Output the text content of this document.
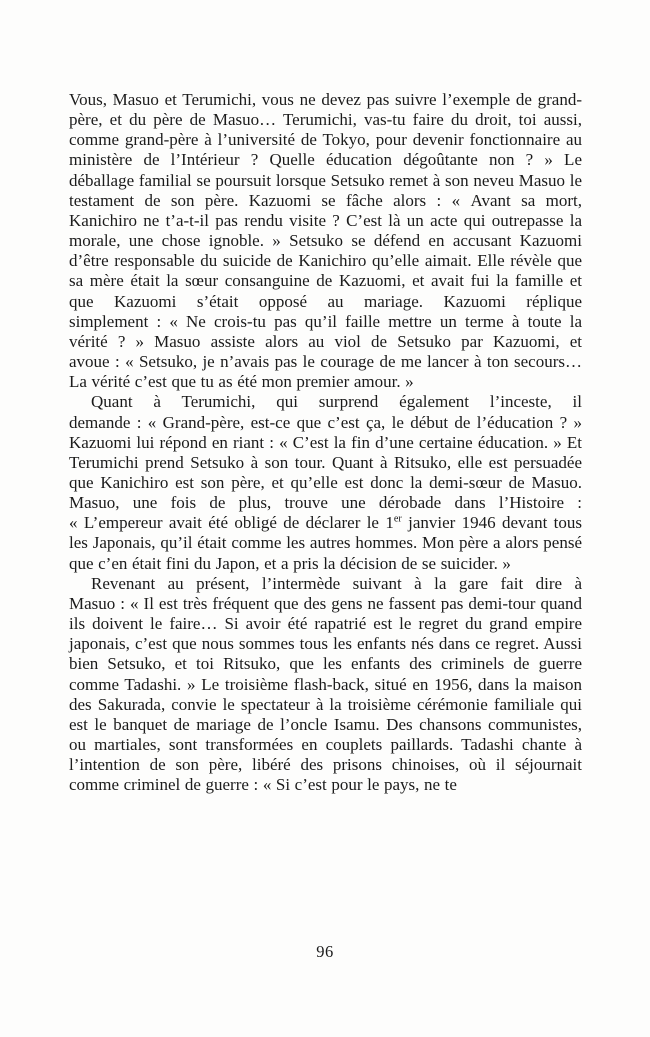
Vous, Masuo et Terumichi, vous ne devez pas suivre l’exemple de grand-père, et du père de Masuo… Terumichi, vas-tu faire du droit, toi aussi, comme grand-père à l’université de Tokyo, pour devenir fonctionnaire au ministère de l’Intérieur ? Quelle éducation dégoûtante non ? » Le déballage familial se poursuit lorsque Setsuko remet à son neveu Masuo le testament de son père. Kazuomi se fâche alors : « Avant sa mort, Kanichiro ne t’a-t-il pas rendu visite ? C’est là un acte qui outrepasse la morale, une chose ignoble. » Setsuko se défend en accusant Kazuomi d’être responsable du suicide de Kanichiro qu’elle aimait. Elle révèle que sa mère était la sœur consanguine de Kazuomi, et avait fui la famille et que Kazuomi s’était opposé au mariage. Kazuomi réplique simplement : « Ne crois-tu pas qu’il faille mettre un terme à toute la vérité ? » Masuo assiste alors au viol de Setsuko par Kazuomi, et avoue : « Setsuko, je n’avais pas le courage de me lancer à ton secours… La vérité c’est que tu as été mon premier amour. »

Quant à Terumichi, qui surprend également l’inceste, il demande : « Grand-père, est-ce que c’est ça, le début de l’éducation ? » Kazuomi lui répond en riant : « C’est la fin d’une certaine éducation. » Et Terumichi prend Setsuko à son tour. Quant à Ritsuko, elle est persuadée que Kanichiro est son père, et qu’elle est donc la demi-sœur de Masuo. Masuo, une fois de plus, trouve une dérobade dans l’Histoire : « L’empereur avait été obligé de déclarer le 1er janvier 1946 devant tous les Japonais, qu’il était comme les autres hommes. Mon père a alors pensé que c’en était fini du Japon, et a pris la décision de se suicider. »

Revenant au présent, l’intermède suivant à la gare fait dire à Masuo : « Il est très fréquent que des gens ne fassent pas demi-tour quand ils doivent le faire… Si avoir été rapatrié est le regret du grand empire japonais, c’est que nous sommes tous les enfants nés dans ce regret. Aussi bien Setsuko, et toi Ritsuko, que les enfants des criminels de guerre comme Tadashi. » Le troisième flash-back, situé en 1956, dans la maison des Sakurada, convie le spectateur à la troisième cérémonie familiale qui est le banquet de mariage de l’oncle Isamu. Des chansons communistes, ou martiales, sont transformées en couplets paillards. Tadashi chante à l’intention de son père, libéré des prisons chinoises, où il séjournait comme criminel de guerre : « Si c’est pour le pays, ne te

96
